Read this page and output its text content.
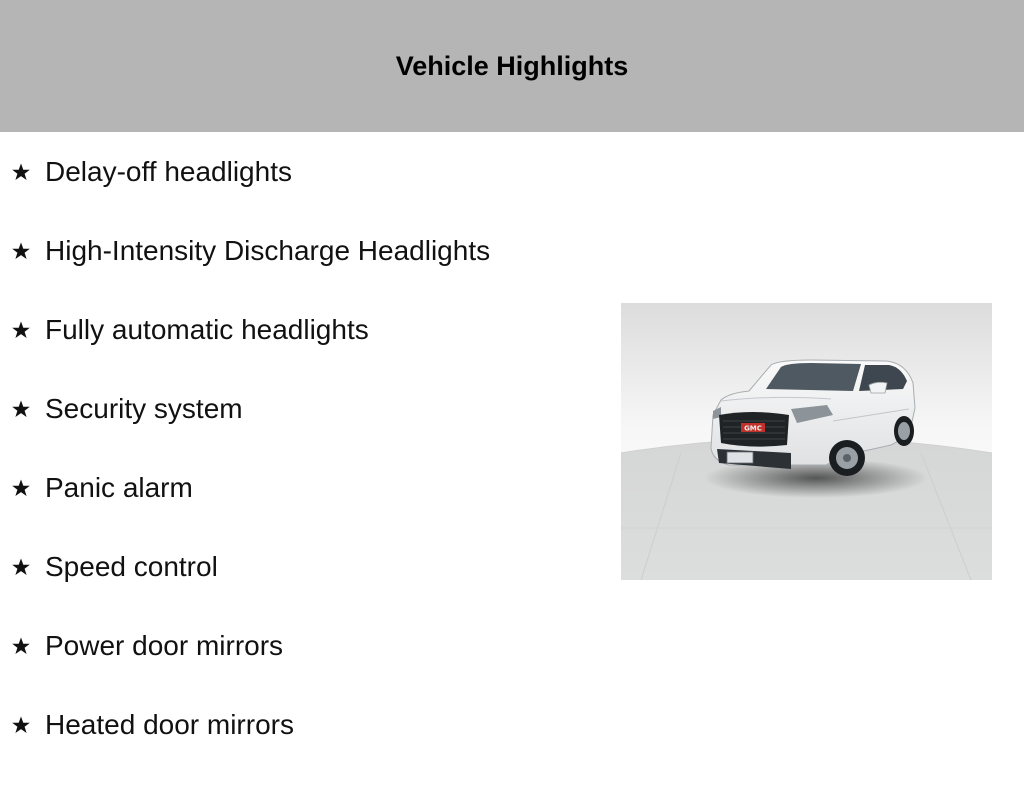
Vehicle Highlights
Delay-off headlights
High-Intensity Discharge Headlights
Fully automatic headlights
Security system
Panic alarm
Speed control
Power door mirrors
Heated door mirrors
GMC
